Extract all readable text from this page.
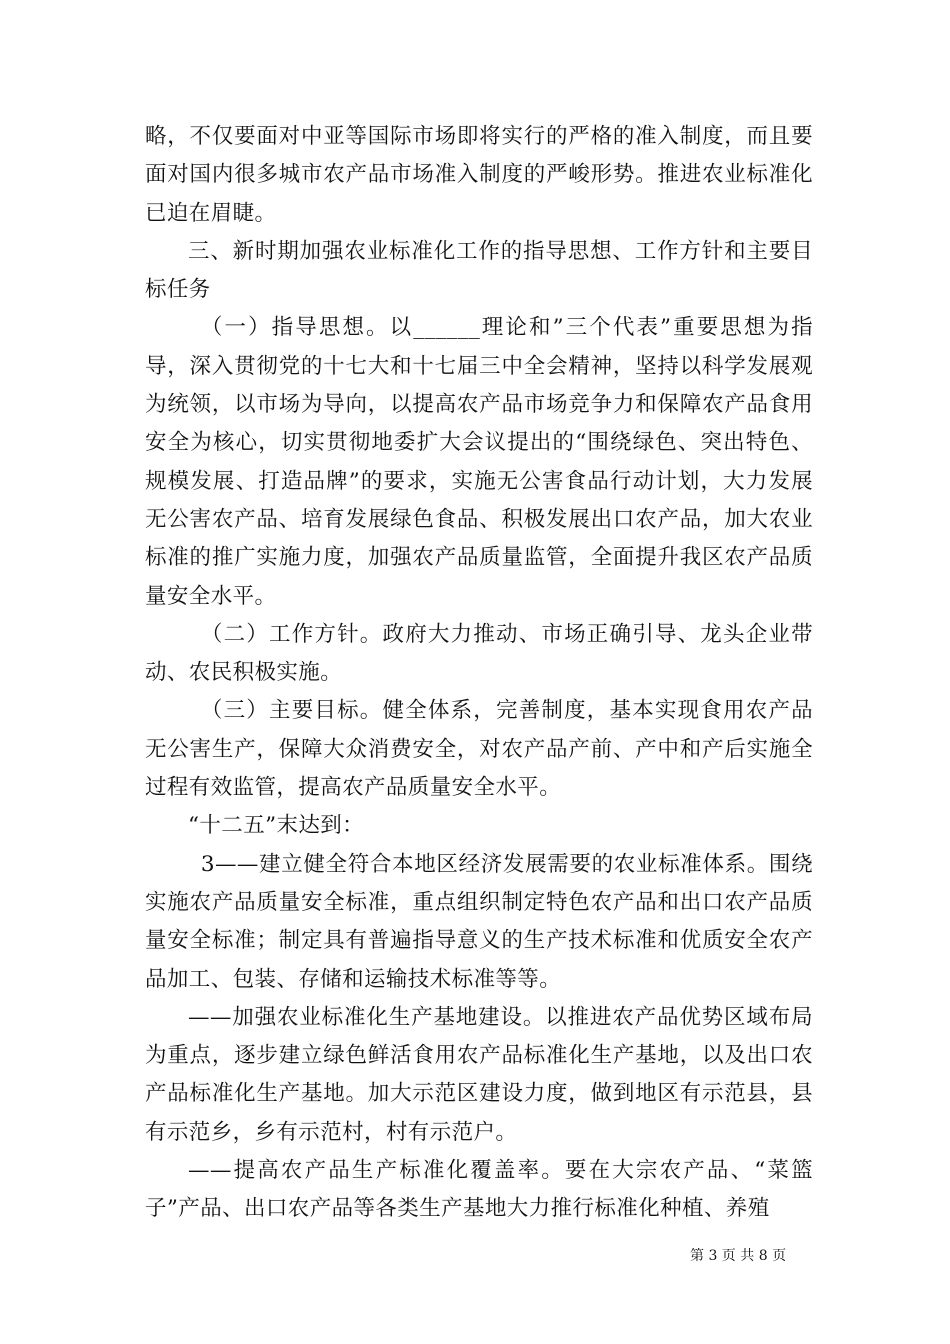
略，不仅要面对中亚等国际市场即将实行的严格的准入制度，而且要面对国内很多城市农产品市场准入制度的严峻形势。推进农业标准化已迫在眉睫。

三、新时期加强农业标准化工作的指导思想、工作方针和主要目标任务

（一）指导思想。以______理论和”三个代表”重要思想为指导，深入贯彻党的十七大和十七届三中全会精神，坚持以科学发展观为统领，以市场为导向，以提高农产品市场竞争力和保障农产品食用安全为核心，切实贯彻地委扩大会议提出的“围绕绿色、突出特色、规模发展、打造品牌”的要求，实施无公害食品行动计划，大力发展无公害农产品、培育发展绿色食品、积极发展出口农产品，加大农业标准的推广实施力度，加强农产品质量监管，全面提升我区农产品质量安全水平。

（二）工作方针。政府大力推动、市场正确引导、龙头企业带动、农民积极实施。

（三）主要目标。健全体系，完善制度，基本实现食用农产品无公害生产，保障大众消费安全，对农产品产前、产中和产后实施全过程有效监管，提高农产品质量安全水平。

“十二五”末达到：

3——建立健全符合本地区经济发展需要的农业标准体系。围绕实施农产品质量安全标准，重点组织制定特色农产品和出口农产品质量安全标准；制定具有普遍指导意义的生产技术标准和优质安全农产品加工、包装、存储和运输技术标准等等。

——加强农业标准化生产基地建设。以推进农产品优势区域布局为重点，逐步建立绿色鲜活食用农产品标准化生产基地，以及出口农产品标准化生产基地。加大示范区建设力度，做到地区有示范县，县有示范乡，乡有示范村，村有示范户。

——提高农产品生产标准化覆盖率。要在大宗农产品、“菜篮子”产品、出口农产品等各类生产基地大力推行标准化种植、养殖

第 3 页 共 8 页
